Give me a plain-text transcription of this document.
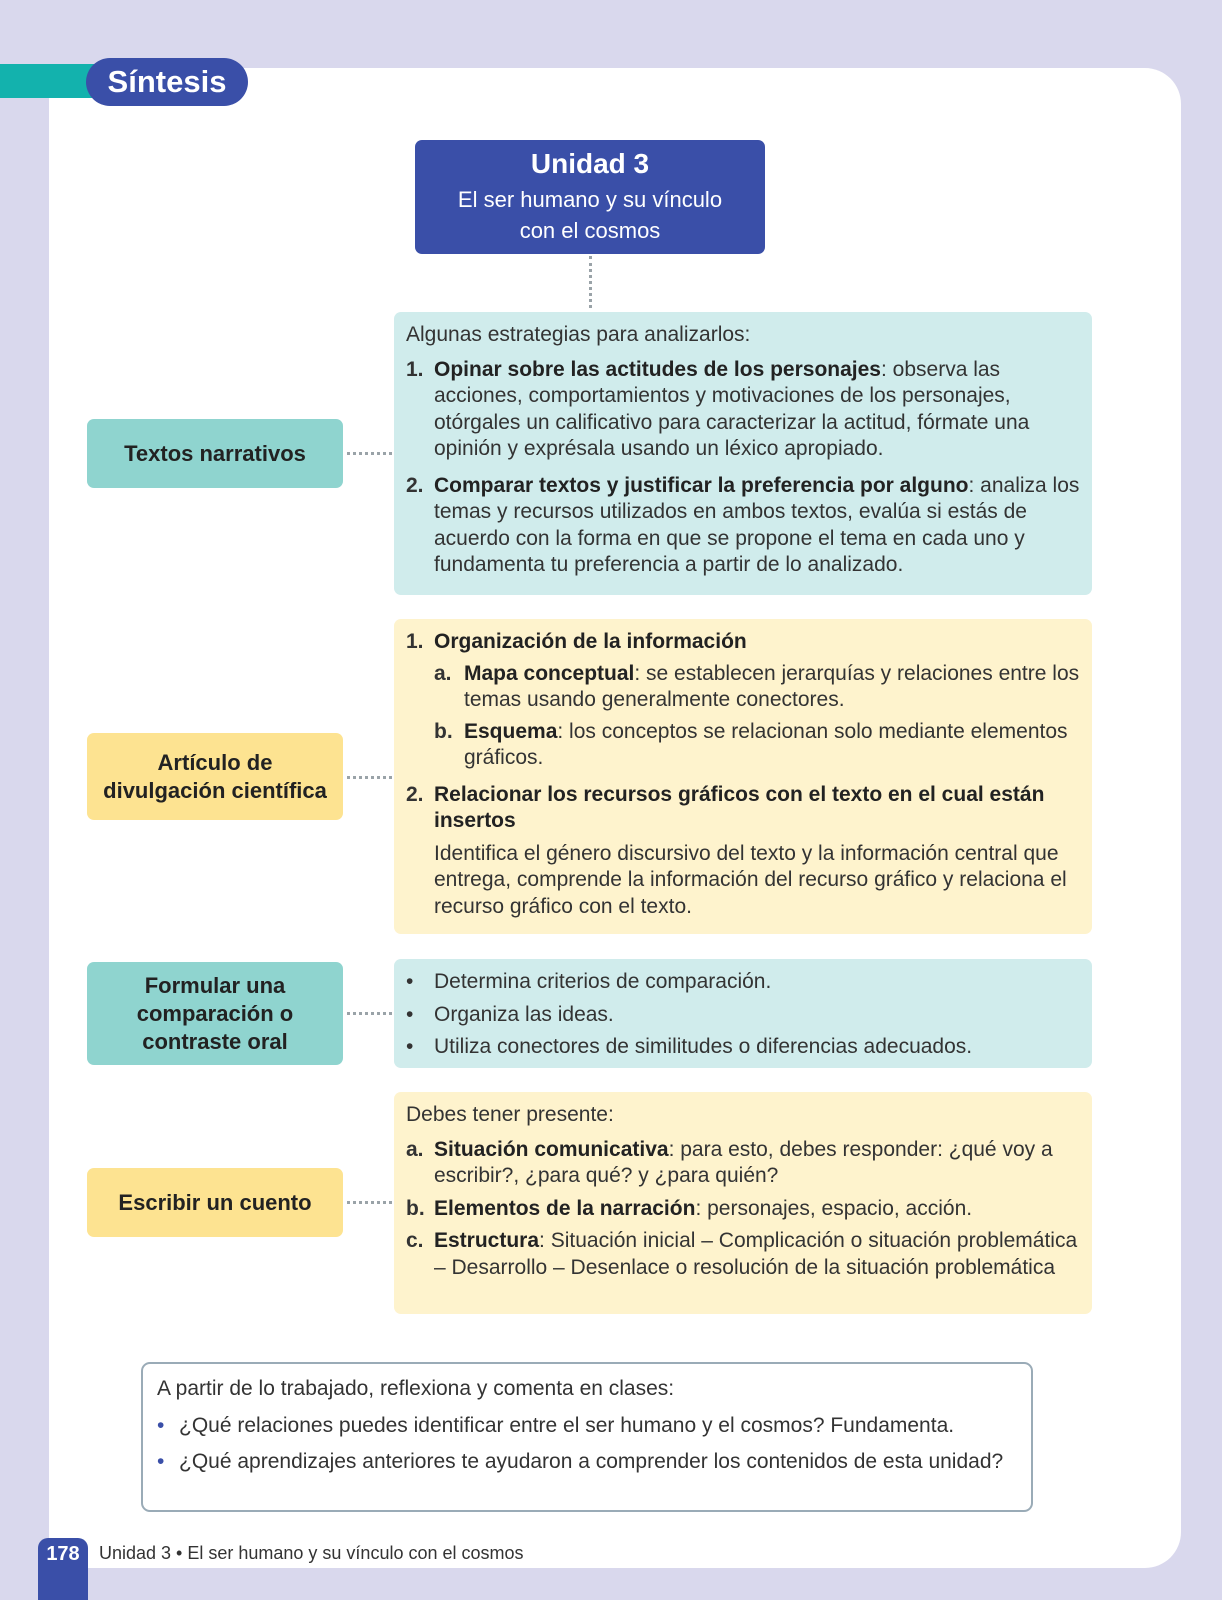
Síntesis
Unidad 3
El ser humano y su vínculo
con el cosmos
Textos narrativos
Algunas estrategias para analizarlos:
1. Opinar sobre las actitudes de los personajes: observa las acciones, comportamientos y motivaciones de los personajes, otórgales un calificativo para caracterizar la actitud, fórmate una opinión y exprésala usando un léxico apropiado.
2. Comparar textos y justificar la preferencia por alguno: analiza los temas y recursos utilizados en ambos textos, evalúa si estás de acuerdo con la forma en que se propone el tema en cada uno y fundamenta tu preferencia a partir de lo analizado.
Artículo de
divulgación científica
1. Organización de la información
a. Mapa conceptual: se establecen jerarquías y relaciones entre los temas usando generalmente conectores.
b. Esquema: los conceptos se relacionan solo mediante elementos gráficos.
2. Relacionar los recursos gráficos con el texto en el cual están insertos
Identifica el género discursivo del texto y la información central que entrega, comprende la información del recurso gráfico y relaciona el recurso gráfico con el texto.
Formular una
comparación o
contraste oral
• Determina criterios de comparación.
• Organiza las ideas.
• Utiliza conectores de similitudes o diferencias adecuados.
Escribir un cuento
Debes tener presente:
a. Situación comunicativa: para esto, debes responder: ¿qué voy a escribir?, ¿para qué? y ¿para quién?
b. Elementos de la narración: personajes, espacio, acción.
c. Estructura: Situación inicial – Complicación o situación problemática – Desarrollo – Desenlace o resolución de la situación problemática
A partir de lo trabajado, reflexiona y comenta en clases:
• ¿Qué relaciones puedes identificar entre el ser humano y el cosmos? Fundamenta.
• ¿Qué aprendizajes anteriores te ayudaron a comprender los contenidos de esta unidad?
178	Unidad 3 • El ser humano y su vínculo con el cosmos
